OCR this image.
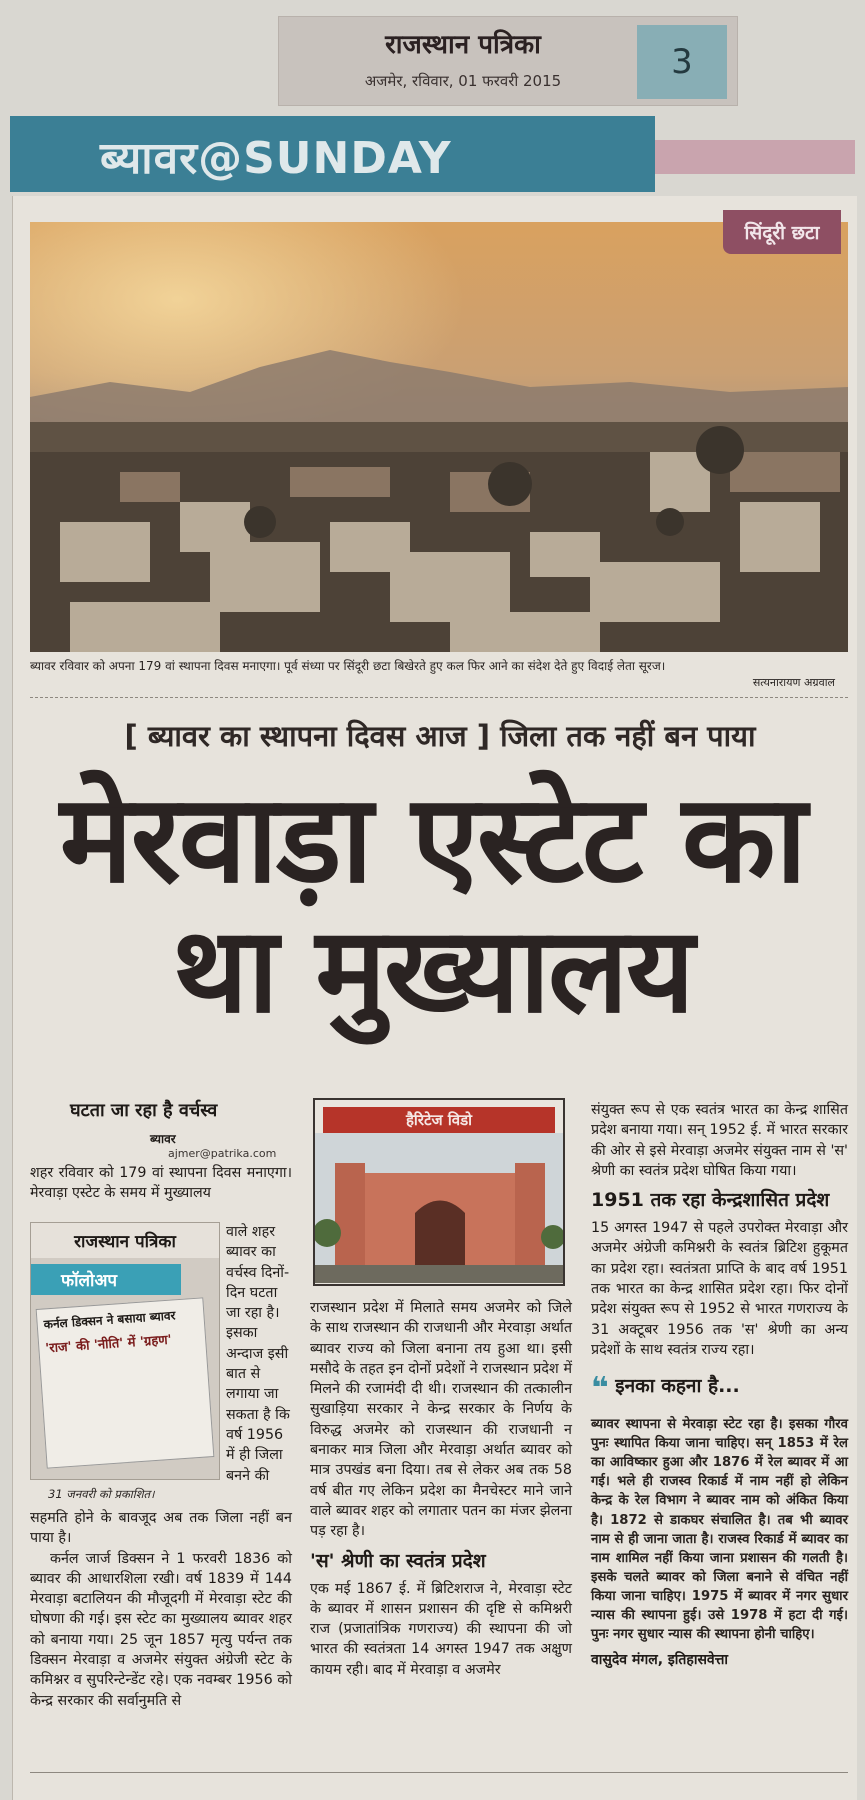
राजस्थान पत्रिका
अजमेर, रविवार, 01 फरवरी 2015	3
ब्यावर@SUNDAY
सिंदूरी छटा
ब्यावर रविवार को अपना 179 वां स्थापना दिवस मनाएगा। पूर्व संध्या पर सिंदूरी छटा बिखेरते हुए कल फिर आने का संदेश देते हुए विदाई लेता सूरज।
सत्यनारायण अग्रवाल
[ ब्यावर का स्थापना दिवस आज ] जिला तक नहीं बन पाया
मेरवाड़ा एस्टेट का
था मुख्यालय
घटता जा रहा है वर्चस्व
ब्यावर
ajmer@patrika.com

शहर रविवार को 179 वां स्थापना दिवस मनाएगा। मेरवाड़ा एस्टेट के समय में मुख्यालय

वाले शहर ब्यावर का वर्चस्व दिनों-दिन घटता जा रहा है। इसका अन्दाज इसी बात से लगाया जा सकता है कि वर्ष 1956 में ही जिला बनने की
राजस्थान पत्रिका
फॉलोअप
कर्नल डिक्सन ने बसाया ब्यावर
'राज' की 'नीति' में 'ग्रहण'
31 जनवरी को प्रकाशित।

सहमति होने के बावजूद अब तक जिला नहीं बन पाया है।

कर्नल जार्ज डिक्सन ने 1 फरवरी 1836 को ब्यावर की आधारशिला रखी। वर्ष 1839 में 144 मेरवाड़ा बटालियन की मौजूदगी में मेरवाड़ा स्टेट की घोषणा की गई। इस स्टेट का मुख्यालय ब्यावर शहर को बनाया गया। 25 जून 1857 मृत्यु पर्यन्त तक डिक्सन मेरवाड़ा व अजमेर संयुक्त अंग्रेजी स्टेट के कमिश्नर व सुपरिन्टेन्डेंट रहे। एक नवम्बर 1956 को केन्द्र सरकार की सर्वानुमति से

हैरिटेज विडो

राजस्थान प्रदेश में मिलाते समय अजमेर को जिले के साथ राजस्थान की राजधानी और मेरवाड़ा अर्थात ब्यावर राज्य को जिला बनाना तय हुआ था। इसी मसौदे के तहत इन दोनों प्रदेशों ने राजस्थान प्रदेश में मिलने की रजामंदी दी थी। राजस्थान की तत्कालीन सुखाड़िया सरकार ने केन्द्र सरकार के निर्णय के विरुद्ध अजमेर को राजस्थान की राजधानी न बनाकर मात्र जिला और मेरवाड़ा अर्थात ब्यावर को मात्र उपखंड बना दिया। तब से लेकर अब तक 58 वर्ष बीत गए लेकिन प्रदेश का मैनचेस्टर माने जाने वाले ब्यावर शहर को लगातार पतन का मंजर झेलना पड़ रहा है।

'स' श्रेणी का स्वतंत्र प्रदेश

एक मई 1867 ई. में ब्रिटिशराज ने, मेरवाड़ा स्टेट के ब्यावर में शासन प्रशासन की दृष्टि से कमिश्नरी राज (प्रजातांत्रिक गणराज्य) की स्थापना की जो भारत की स्वतंत्रता 14 अगस्त 1947 तक अक्षुण कायम रही। बाद में मेरवाड़ा व अजमेर

संयुक्त रूप से एक स्वतंत्र भारत का केन्द्र शासित प्रदेश बनाया गया। सन् 1952 ई. में भारत सरकार की ओर से इसे मेरवाड़ा अजमेर संयुक्त नाम से 'स' श्रेणी का स्वतंत्र प्रदेश घोषित किया गया।

1951 तक रहा केन्द्रशासित प्रदेश

15 अगस्त 1947 से पहले उपरोक्त मेरवाड़ा और अजमेर अंग्रेजी कमिश्नरी के स्वतंत्र ब्रिटिश हुकूमत का प्रदेश रहा। स्वतंत्रता प्राप्ति के बाद वर्ष 1951 तक भारत का केन्द्र शासित प्रदेश रहा। फिर दोनों प्रदेश संयुक्त रूप से 1952 से भारत गणराज्य के 31 अक्टूबर 1956 तक 'स' श्रेणी का अन्य प्रदेशों के साथ स्वतंत्र राज्य रहा।

❝ इनका कहना है...

ब्यावर स्थापना से मेरवाड़ा स्टेट रहा है। इसका गौरव पुनः स्थापित किया जाना चाहिए। सन् 1853 में रेल का आविष्कार हुआ और 1876 में रेल ब्यावर में आ गई। भले ही राजस्व रिकार्ड में नाम नहीं हो लेकिन केन्द्र के रेल विभाग ने ब्यावर नाम को अंकित किया है। 1872 से डाकघर संचालित है। तब भी ब्यावर नाम से ही जाना जाता है। राजस्व रिकार्ड में ब्यावर का नाम शामिल नहीं किया जाना प्रशासन की गलती है। इसके चलते ब्यावर को जिला बनाने से वंचित नहीं किया जाना चाहिए। 1975 में ब्यावर में नगर सुधार न्यास की स्थापना हुई। उसे 1978 में हटा दी गई। पुनः नगर सुधार न्यास की स्थापना होनी चाहिए।

वासुदेव मंगल, इतिहासवेत्ता
